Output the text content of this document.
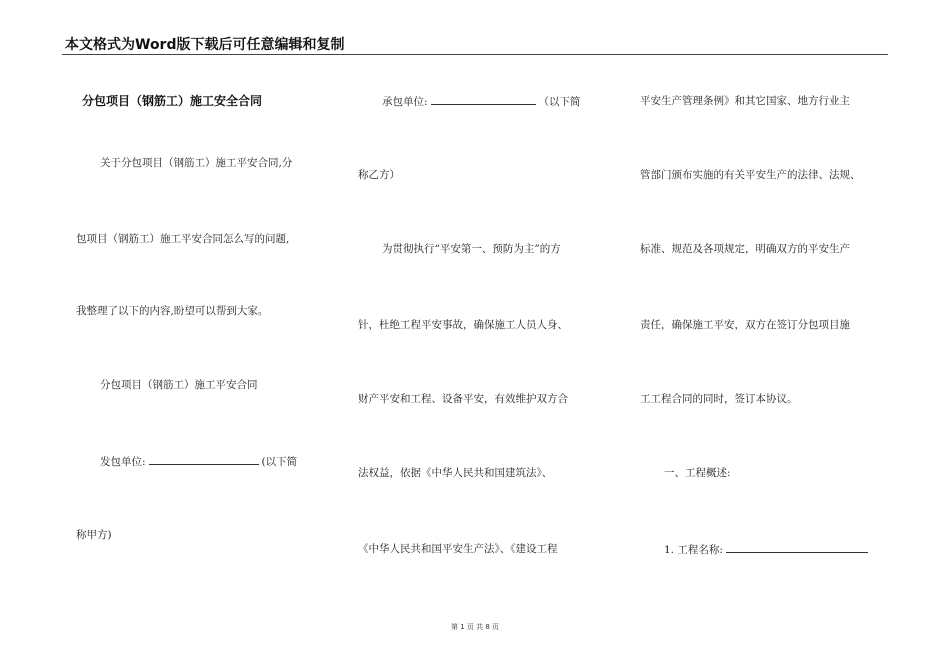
本文格式为Word版下载后可任意编辑和复制
分包项目（钢筋工）施工安全合同
关于分包项目（钢筋工）施工平安合同,分
包项目（钢筋工）施工平安合同怎么写的问题,
我整理了以下的内容,盼望可以帮到大家。
分包项目（钢筋工）施工平安合同
发包单位:	(以下简
称甲方)
承包单位:	（以下简
称乙方）
为贯彻执行“平安第一、预防为主”的方
针，杜绝工程平安事故，确保施工人员人身、
财产平安和工程、设备平安，有效维护双方合
法权益，依据《中华人民共和国建筑法》、
《中华人民共和国平安生产法》、《建设工程
平安生产管理条例》和其它国家、地方行业主
管部门颁布实施的有关平安生产的法律、法规、
标准、规范及各项规定，明确双方的平安生产
责任，确保施工平安，双方在签订分包项目施
工工程合同的同时，签订本协议。
一、工程概述:
1. 工程名称:
第 1 页 共 8 页
